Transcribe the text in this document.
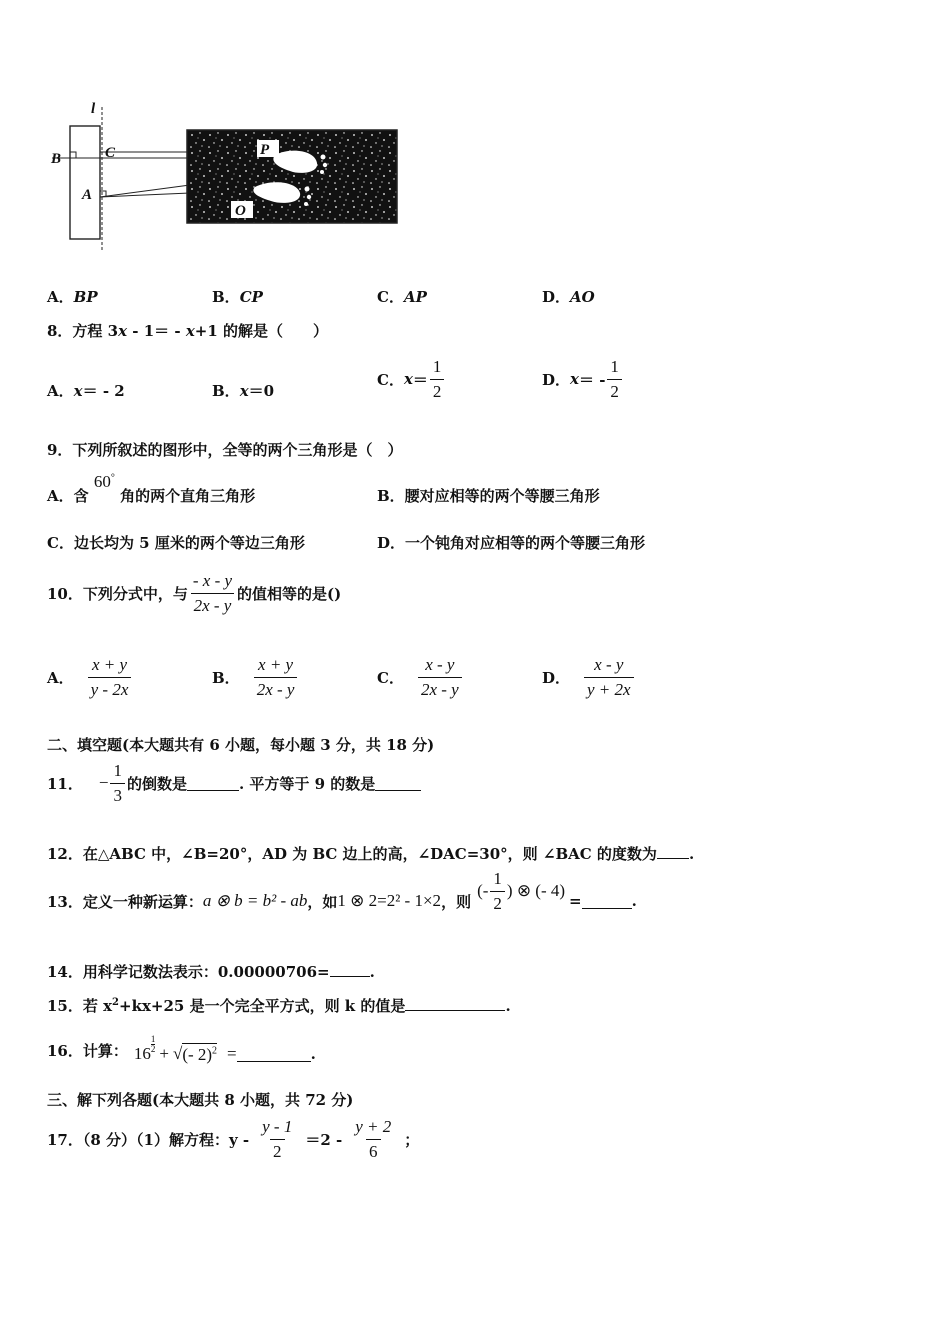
l
B	C
A
P
O
A．BP	B．CP	C．AP	D．AO
8．方程 3x - 1＝ - x+1 的解是（　　）
A．x＝ - 2	B．x＝0
C． $x = \frac{1}{2}$	D． x ＝ - $\frac{1}{2}$
9．下列所叙述的图形中，全等的两个三角形是（　）
A．含 60° 角的两个直角三角形	B．腰对应相等的两个等腰三角形
C．边长均为 5 厘米的两个等边三角形	D．一个钝角对应相等的两个等腰三角形
10．下列分式中，与 $\frac{- x - y}{2x - y}$ 的值相等的是()
A． $\frac{x + y}{y - 2x}$	B． $\frac{x + y}{2x - y}$	C． $\frac{x - y}{2x - y}$	D． $\frac{x - y}{y + 2x}$
二、填空题(本大题共有 6 小题，每小题 3 分，共 18 分)
11． − $\frac{1}{3}$ 的倒数是	. 平方等于 9 的数是
12．在△ABC 中，∠B=20°，AD 为 BC 边上的高，∠DAC=30°，则 ∠BAC 的度数为 .
13．定义一种新运算： a ⊗ b = b² - ab ，如 1 ⊗ 2=2² - 1×2 ，则
(- $\frac{1}{2}$ ) ⊗ (- 4)
=	.
14．用科学记数法表示：0.00000706=	.
15．若 $x^2+kx+25$ 是一个完全平方式，则 k 的值是	.
16．计算： 16
1
2 + √ (- 2)$^2$ =	.
三、解下列各题(本大题共 8 小题，共 72 分)
17．（8 分）（1）解方程：$y - \frac{y - 1}{2} =2 - \frac{y + 2}{6}$ ；
